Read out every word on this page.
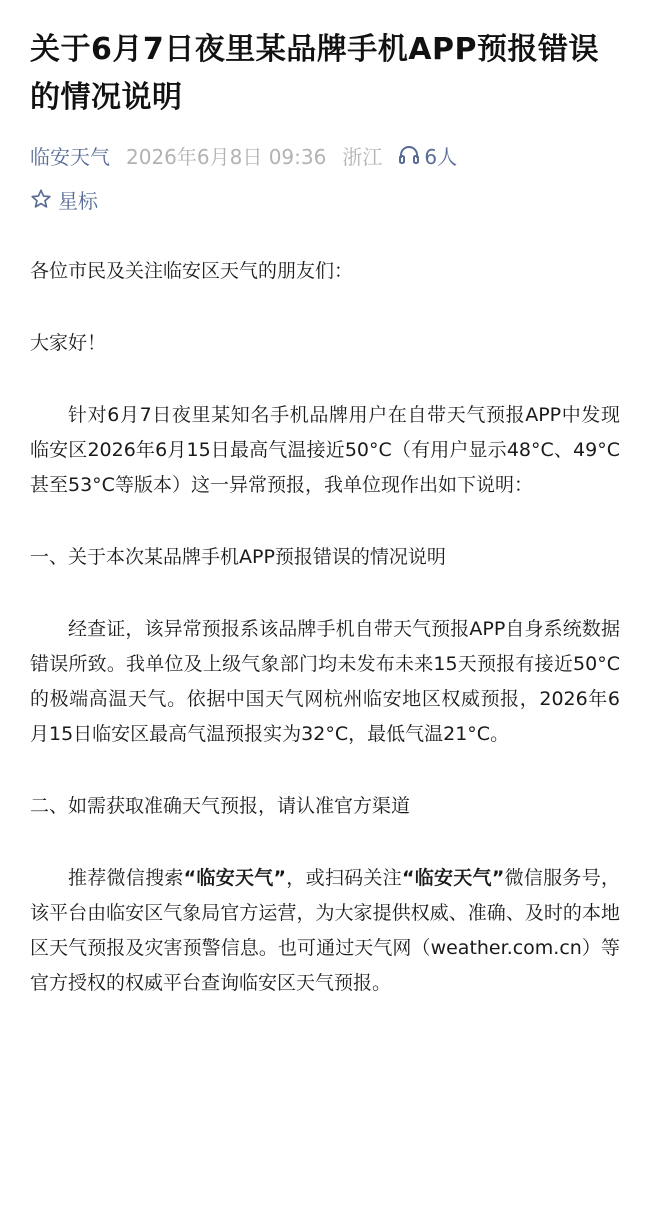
关于6月7日夜里某品牌手机APP预报错误的情况说明
临安天气 2026年6月8日 09:36 浙江 6人
星标

各位市民及关注临安区天气的朋友们：

大家好！

针对6月7日夜里某知名手机品牌用户在自带天气预报APP中发现临安区2026年6月15日最高气温接近50°C（有用户显示48°C、49°C甚至53°C等版本）这一异常预报，我单位现作出如下说明：

一、关于本次某品牌手机APP预报错误的情况说明

经查证，该异常预报系该品牌手机自带天气预报APP自身系统数据错误所致。我单位及上级气象部门均未发布未来15天预报有接近50°C的极端高温天气。依据中国天气网杭州临安地区权威预报，2026年6月15日临安区最高气温预报实为32°C，最低气温21°C。

二、如需获取准确天气预报，请认准官方渠道

推荐微信搜索“临安天气”，或扫码关注“临安天气”微信服务号，该平台由临安区气象局官方运营，为大家提供权威、准确、及时的本地区天气预报及灾害预警信息。也可通过天气网（weather.com.cn）等官方授权的权威平台查询临安区天气预报。
